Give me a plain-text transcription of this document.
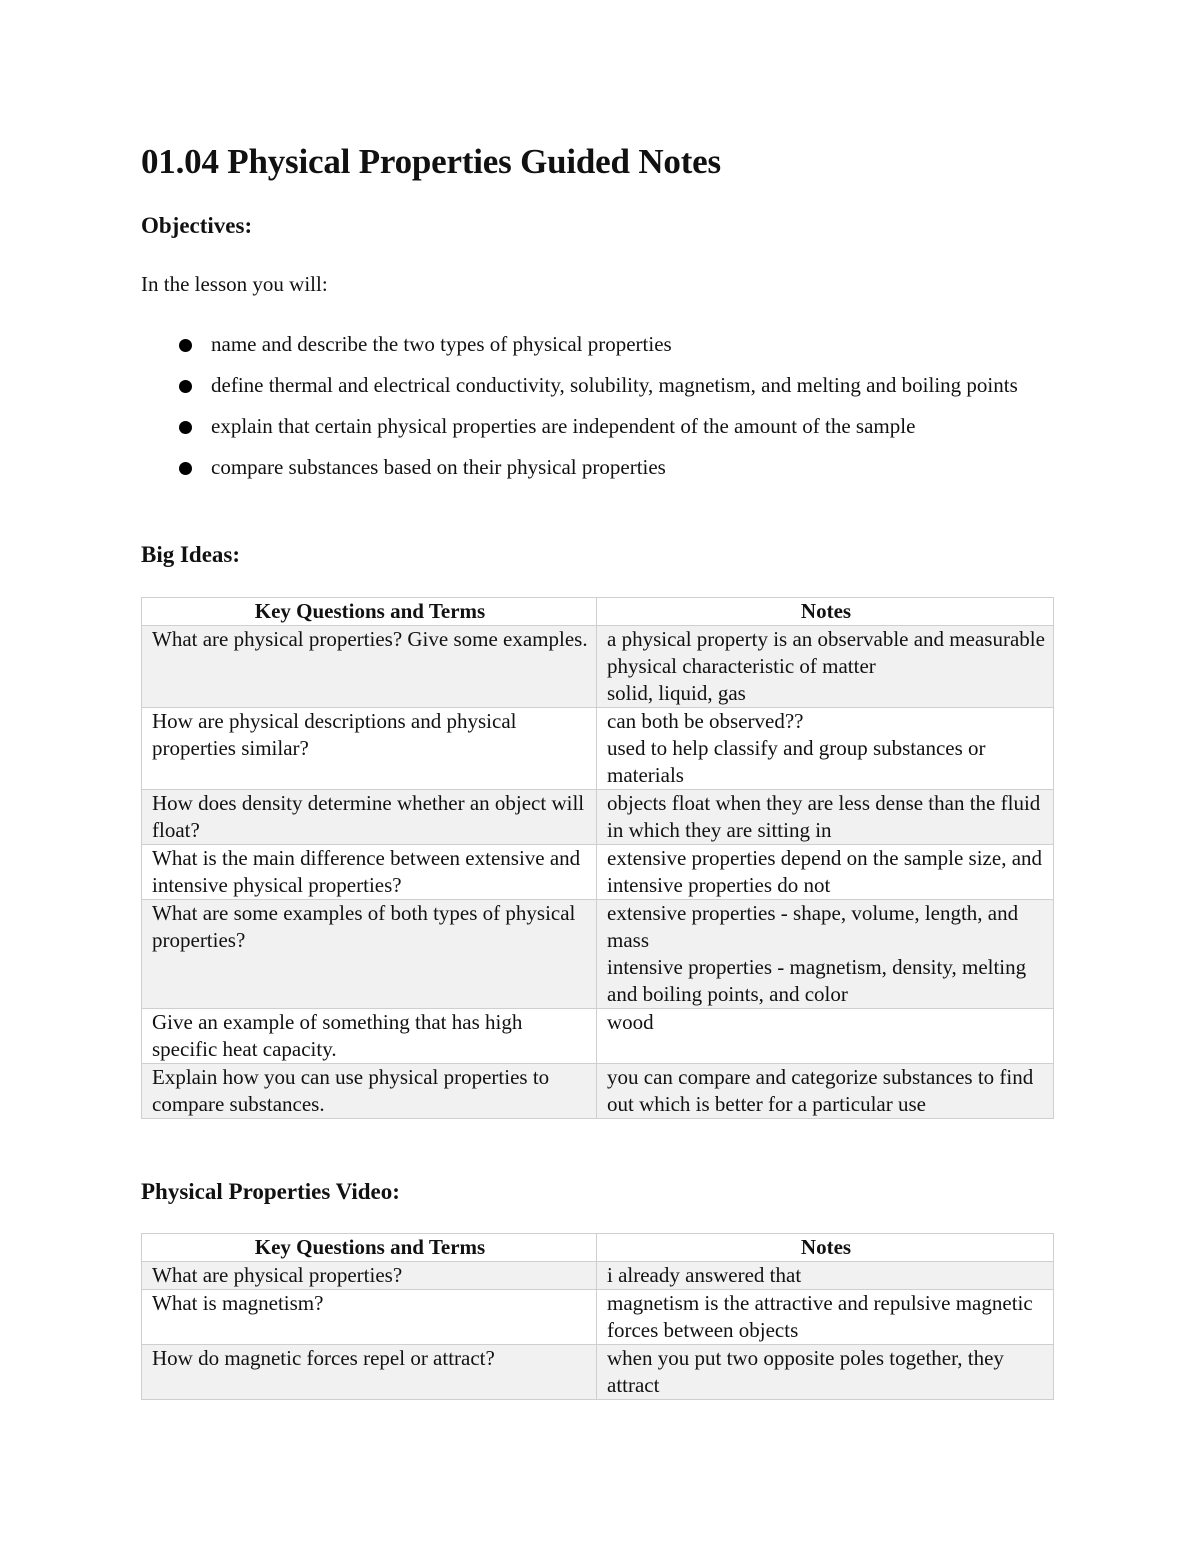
01.04 Physical Properties Guided Notes
Objectives:

In the lesson you will:

name and describe the two types of physical properties
define thermal and electrical conductivity, solubility, magnetism, and melting and boiling points
explain that certain physical properties are independent of the amount of the sample
compare substances based on their physical properties
Big Ideas:
Key Questions and Terms	Notes
What are physical properties? Give some examples.	a physical property is an observable and measurable physical characteristic of matter
solid, liquid, gas
How are physical descriptions and physical properties similar?	can both be observed??
used to help classify and group substances or materials
How does density determine whether an object will float?	objects float when they are less dense than the fluid in which they are sitting in
What is the main difference between extensive and intensive physical properties?	extensive properties depend on the sample size, and intensive properties do not
What are some examples of both types of physical properties?	extensive properties - shape, volume, length, and mass
intensive properties - magnetism, density, melting and boiling points, and color
Give an example of something that has high specific heat capacity.	wood
Explain how you can use physical properties to compare substances.	you can compare and categorize substances to find out which is better for a particular use
Physical Properties Video:
Key Questions and Terms	Notes
What are physical properties?	i already answered that
What is magnetism?	magnetism is the attractive and repulsive magnetic forces between objects
How do magnetic forces repel or attract?	when you put two opposite poles together, they attract
